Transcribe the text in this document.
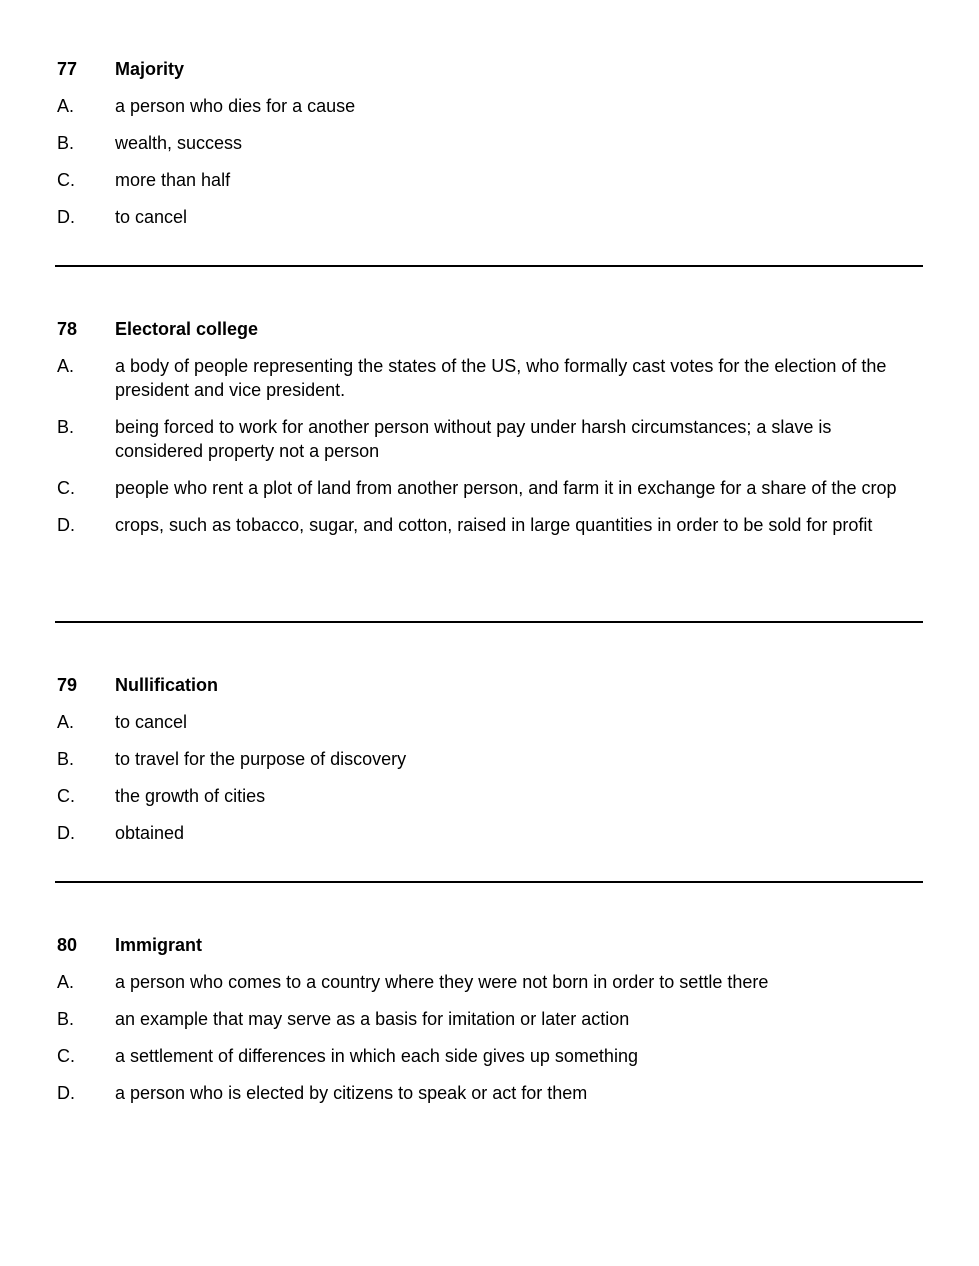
77	Majority
A.	a person who dies for a cause
B.	wealth, success
C.	more than half
D.	to cancel
78	Electoral college
A.	a body of people representing the states of the US, who formally cast votes for the election of the president and vice president.
B.	being forced to work for another person without pay under harsh circumstances; a slave is considered property not a person
C.	people who rent a plot of land from another person, and farm it in exchange for a share of the crop
D.	crops, such as tobacco, sugar, and cotton, raised in large quantities in order to be sold for profit
79	Nullification
A.	to cancel
B.	to travel for the purpose of discovery
C.	the growth of cities
D.	obtained
80	Immigrant
A.	a person who comes to a country where they were not born in order to settle there
B.	an example that may serve as a basis for imitation or later action
C.	a settlement of differences in which each side gives up something
D.	a person who is elected by citizens to speak or act for them
